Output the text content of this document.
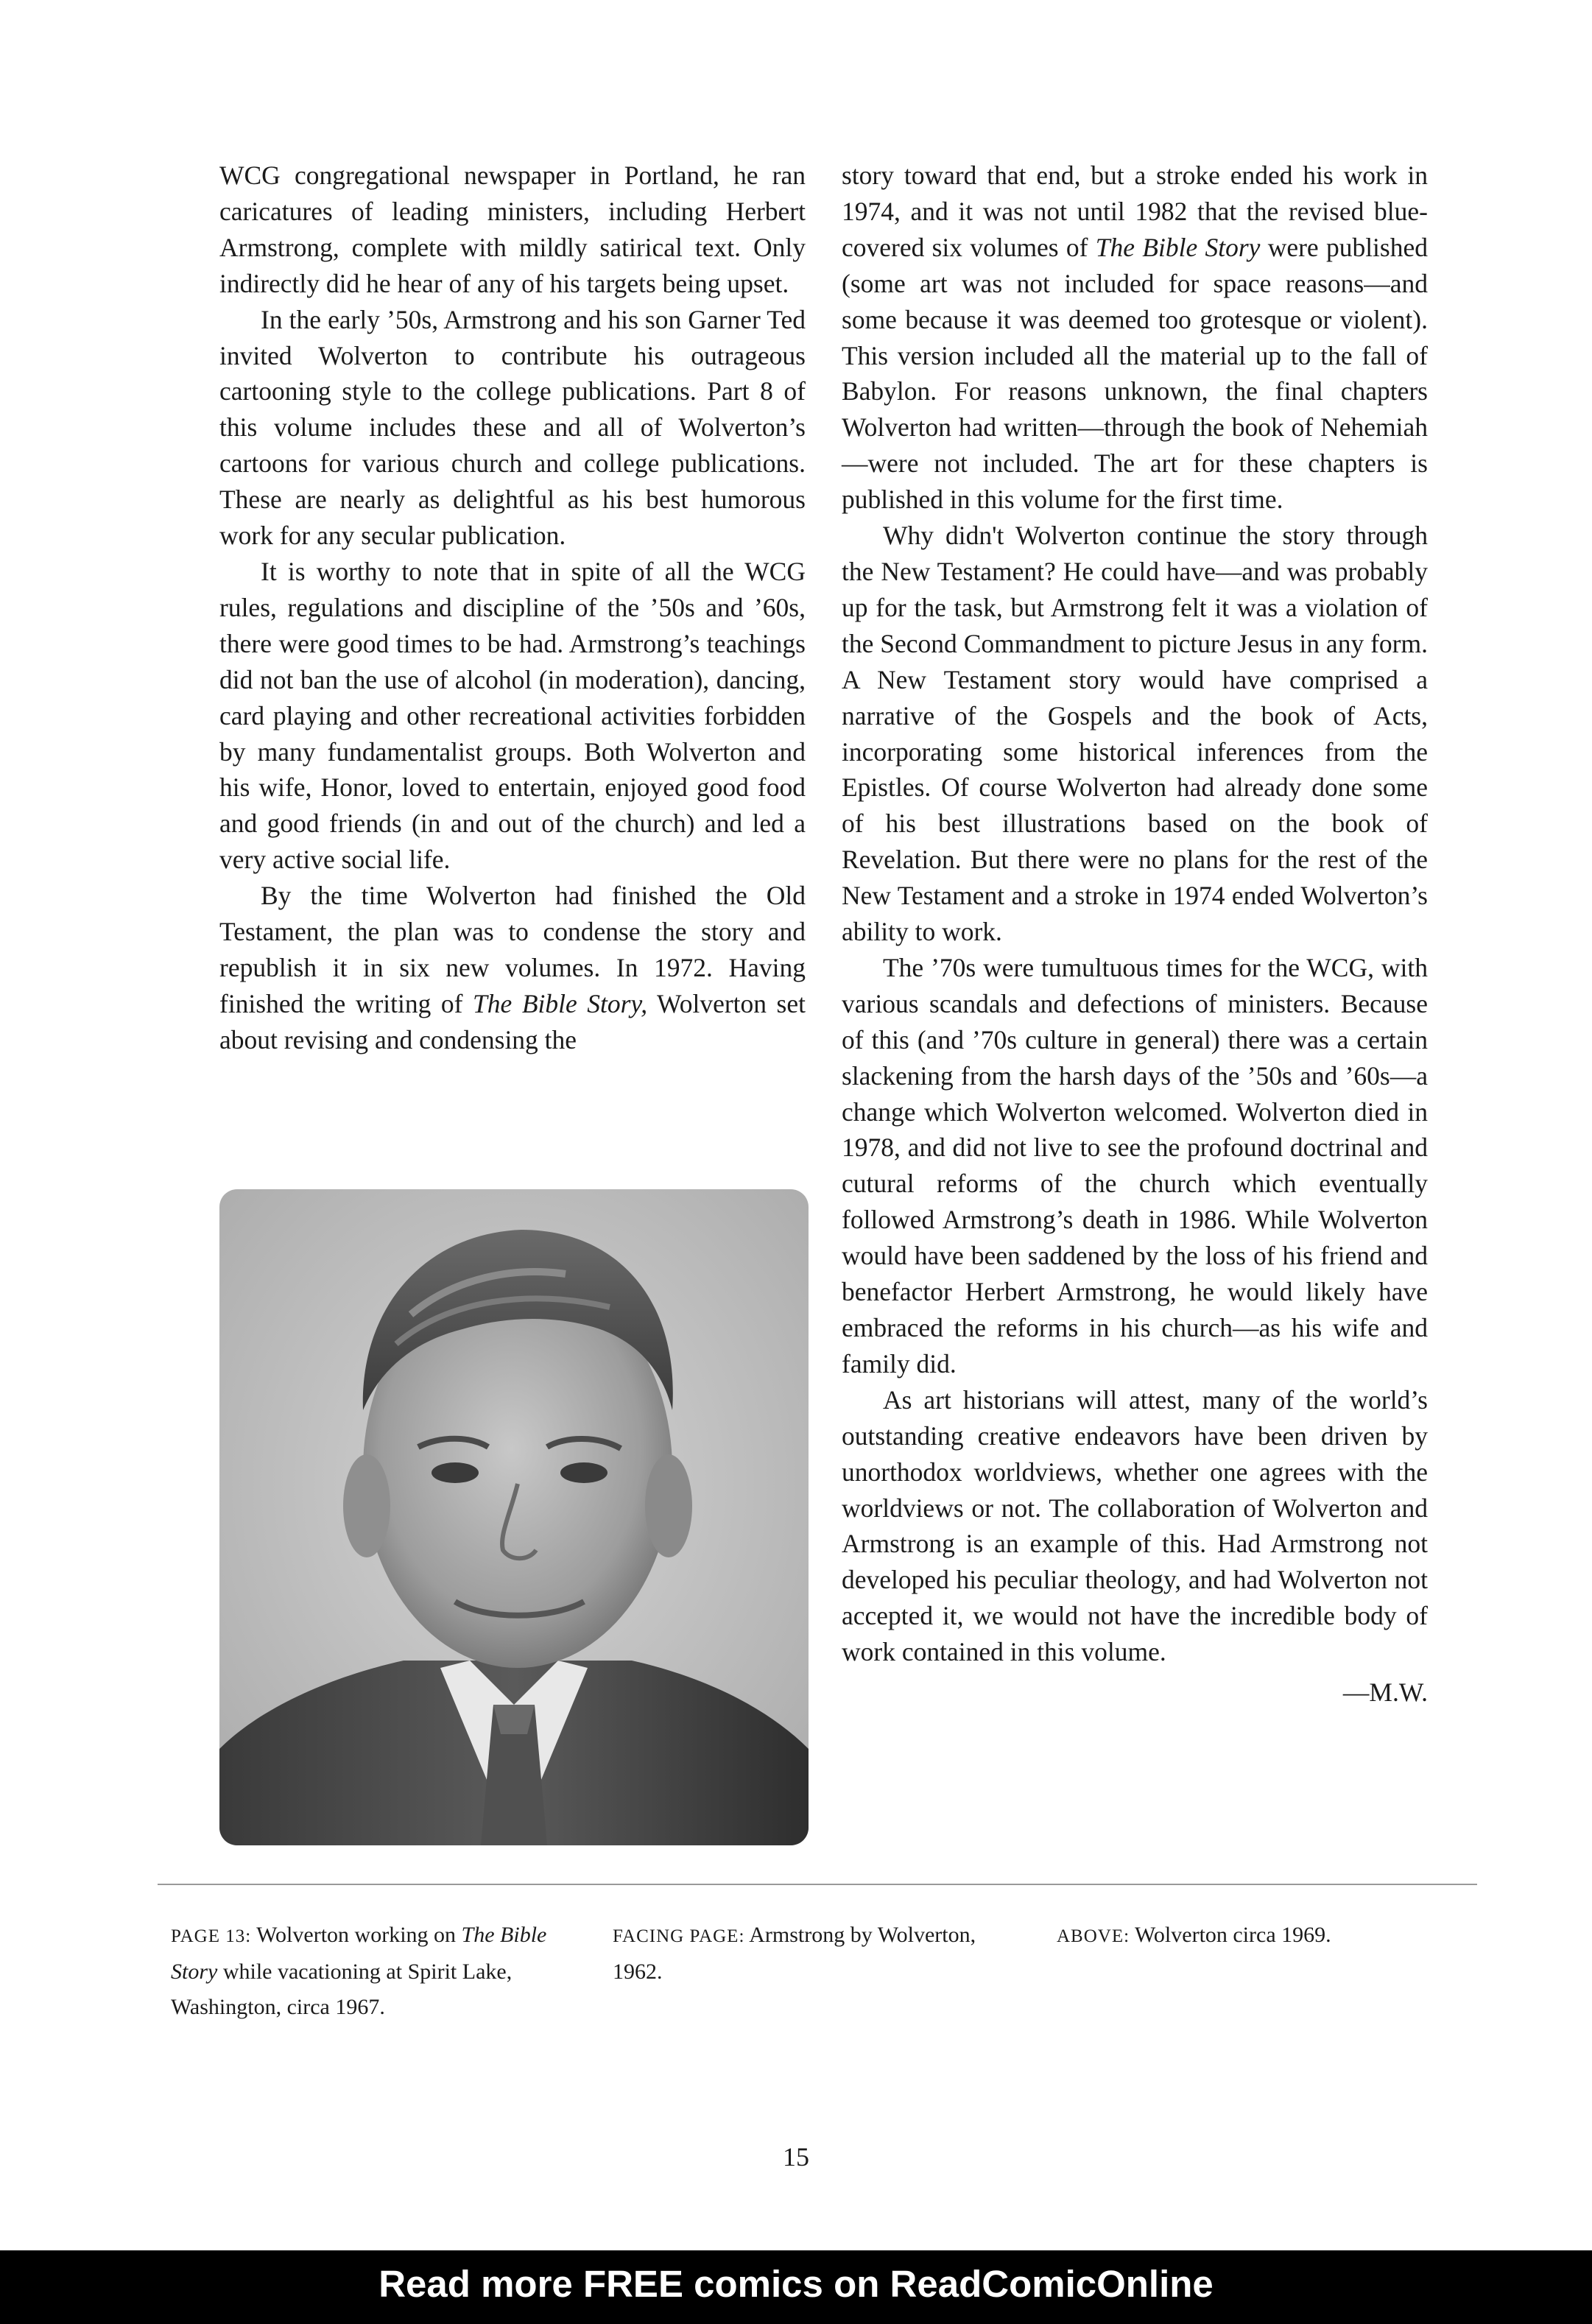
WCG congregational newspaper in Portland, he ran caricatures of leading ministers, including Herbert Armstrong, complete with mildly satirical text. Only indirectly did he hear of any of his targets being upset.

In the early ’50s, Armstrong and his son Garner Ted invited Wolverton to contribute his outrageous cartooning style to the college publications. Part 8 of this volume includes these and all of Wolverton’s cartoons for various church and college publications. These are nearly as delightful as his best humorous work for any secular publication.

It is worthy to note that in spite of all the WCG rules, regulations and discipline of the ’50s and ’60s, there were good times to be had. Armstrong’s teachings did not ban the use of alcohol (in moderation), dancing, card playing and other recreational activities forbidden by many fundamentalist groups. Both Wolverton and his wife, Honor, loved to entertain, enjoyed good food and good friends (in and out of the church) and led a very active social life.

By the time Wolverton had finished the Old Testament, the plan was to condense the story and republish it in six new volumes. In 1972. Having finished the writing of The Bible Story, Wolverton set about revising and condensing the

story toward that end, but a stroke ended his work in 1974, and it was not until 1982 that the revised blue-covered six volumes of The Bible Story were published (some art was not included for space reasons—and some because it was deemed too grotesque or violent). This version included all the material up to the fall of Babylon. For reasons unknown, the final chapters Wolverton had written—through the book of Nehemiah—were not included. The art for these chapters is published in this volume for the first time.

Why didn't Wolverton continue the story through the New Testament? He could have—and was probably up for the task, but Armstrong felt it was a violation of the Second Commandment to picture Jesus in any form. A New Testament story would have comprised a narrative of the Gospels and the book of Acts, incorporating some historical inferences from the Epistles. Of course Wolverton had already done some of his best illustrations based on the book of Revelation. But there were no plans for the rest of the New Testament and a stroke in 1974 ended Wolverton’s ability to work.

The ’70s were tumultuous times for the WCG, with various scandals and defections of ministers. Because of this (and ’70s culture in general) there was a certain slackening from the harsh days of the ’50s and ’60s—a change which Wolverton welcomed. Wolverton died in 1978, and did not live to see the profound doctrinal and cutural reforms of the church which eventually followed Armstrong’s death in 1986. While Wolverton would have been saddened by the loss of his friend and benefactor Herbert Armstrong, he would likely have embraced the reforms in his church—as his wife and family did.

As art historians will attest, many of the world’s outstanding creative endeavors have been driven by unorthodox worldviews, whether one agrees with the worldviews or not. The collaboration of Wolverton and Armstrong is an example of this. Had Armstrong not developed his peculiar theology, and had Wolverton not accepted it, we would not have the incredible body of work contained in this volume.

—M.W.

PAGE 13: Wolverton working on The Bible Story while vacationing at Spirit Lake, Washington, circa 1967.
FACING PAGE: Armstrong by Wolverton, 1962.
ABOVE: Wolverton circa 1969.
15
Read more FREE comics on ReadComicOnline
